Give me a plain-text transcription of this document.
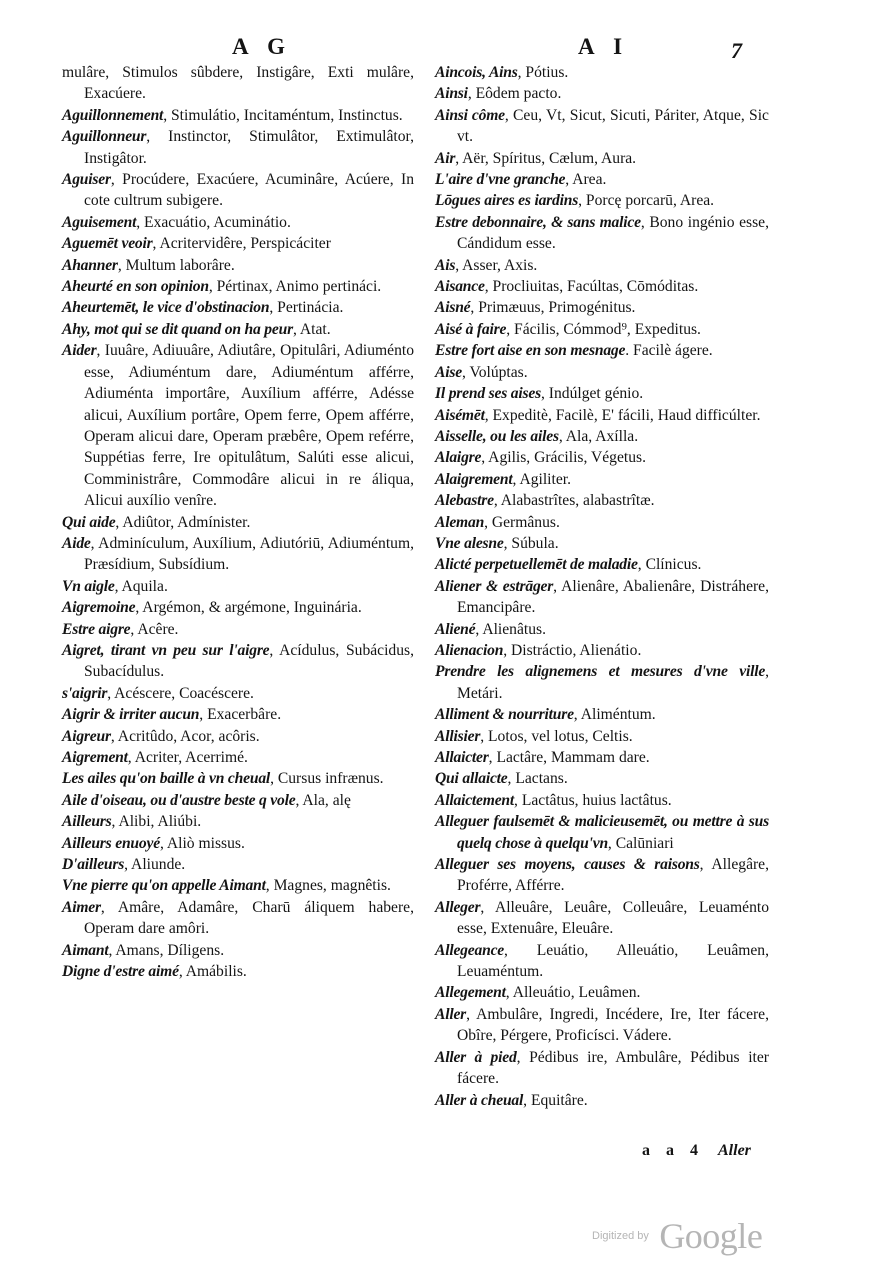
A G	A I	7

mulâre, Stimulos sûbdere, Instigâre, Exti mulâre, Exacúere.

Aguillonnement, Stimulátio, Incitaméntum, Instinctus.

Aguillonneur, Instinctor, Stimulâtor, Extimulâtor, Instigâtor.

Aguiser, Procúdere, Exacúere, Acuminâre, Acúere, In cote cultrum subigere.

Aguisement, Exacuátio, Acuminátio.

Aguemēt veoir, Acritervidêre, Perspicáciter

Ahanner, Multum laborâre.

Aheurté en son opinion, Pértinax, Animo pertináci.

Aheurtemēt, le vice d'obstinacion, Pertinácia.

Ahy, mot qui se dit quand on ha peur, Atat.

Aider, Iuuâre, Adiuuâre, Adiutâre, Opitulâri, Adiuménto esse, Adiuméntum dare, Adiuméntum afférre, Adiuménta importâre, Auxílium afférre, Adésse alicui, Auxílium portâre, Opem ferre, Opem afférre, Operam alicui dare, Operam præbêre, Opem reférre, Suppétias ferre, Ire opitulâtum, Salúti esse alicui, Comministrâre, Commodâre alicui in re áliqua, Alicui auxílio venîre.

Qui aide, Adiûtor, Admínister.

Aide, Adminículum, Auxílium, Adiutóriū, Adiuméntum, Præsídium, Subsídium.

Vn aigle, Aquila.

Aigremoine, Argémon, & argémone, Inguinária.

Estre aigre, Acêre.

Aigret, tirant vn peu sur l'aigre, Acídulus, Subácidus, Subacídulus.

s'aigrir, Acéscere, Coacéscere.

Aigrir & irriter aucun, Exacerbâre.

Aigreur, Acritûdo, Acor, acôris.

Aigrement, Acriter, Acerrimé.

Les ailes qu'on baille à vn cheual, Cursus infrænus.

Aile d'oiseau, ou d'austre beste q vole, Ala, alę

Ailleurs, Alibi, Aliúbi.

Ailleurs enuoyé, Aliò missus.

D'ailleurs, Aliunde.

Vne pierre qu'on appelle Aimant, Magnes, magnêtis.

Aimer, Amâre, Adamâre, Charū áliquem habere, Operam dare amôri.

Aimant, Amans, Díligens.

Digne d'estre aimé, Amábilis.

Aincois, Ains, Pótius.

Ainsi, Eôdem pacto.

Ainsi côme, Ceu, Vt, Sicut, Sicuti, Páriter, Atque, Sic vt.

Air, Aër, Spíritus, Cælum, Aura.

L'aire d'vne granche, Area.

Lōgues aires es iardins, Porcę porcarū, Area.

Estre debonnaire, & sans malice, Bono ingénio esse, Cándidum esse.

Ais, Asser, Axis.

Aisance, Procliuitas, Facúltas, Cōmóditas.

Aisné, Primæuus, Primogénitus.

Aisé à faire, Fácilis, Cómmod⁹, Expeditus.

Estre fort aise en son mesnage. Facilè ágere.

Aise, Volúptas.

Il prend ses aises, Indúlget génio.

Aisémēt, Expeditè, Facilè, E' fácili, Haud difficúlter.

Aisselle, ou les ailes, Ala, Axílla.

Alaigre, Agilis, Grácilis, Végetus.

Alaigrement, Agiliter.

Alebastre, Alabastrîtes, alabastrîtæ.

Aleman, Germânus.

Vne alesne, Súbula.

Alicté perpetuellemēt de maladie, Clínicus.

Aliener & estrāger, Alienâre, Abalienâre, Distráhere, Emancipâre.

Aliené, Alienâtus.

Alienacion, Distráctio, Alienátio.

Prendre les alignemens et mesures d'vne ville, Metári.

Alliment & nourriture, Aliméntum.

Allisier, Lotos, vel lotus, Celtis.

Allaicter, Lactâre, Mammam dare.

Qui allaicte, Lactans.

Allaictement, Lactâtus, huius lactâtus.

Alleguer faulsemēt & malicieusemēt, ou mettre à sus quelq chose à quelqu'vn, Calūniari

Alleguer ses moyens, causes & raisons, Allegâre, Proférre, Afférre.

Alleger, Alleuâre, Leuâre, Colleuâre, Leuaménto esse, Extenuâre, Eleuâre.

Allegeance, Leuátio, Alleuátio, Leuâmen, Leuaméntum.

Allegement, Alleuátio, Leuâmen.

Aller, Ambulâre, Ingredi, Incédere, Ire, Iter fácere, Obîre, Pérgere, Proficísci. Vádere.

Aller à pied, Pédibus ire, Ambulâre, Pédibus iter fácere.

Aller à cheual, Equitâre.

a a 4 Aller
Digitized by Google
